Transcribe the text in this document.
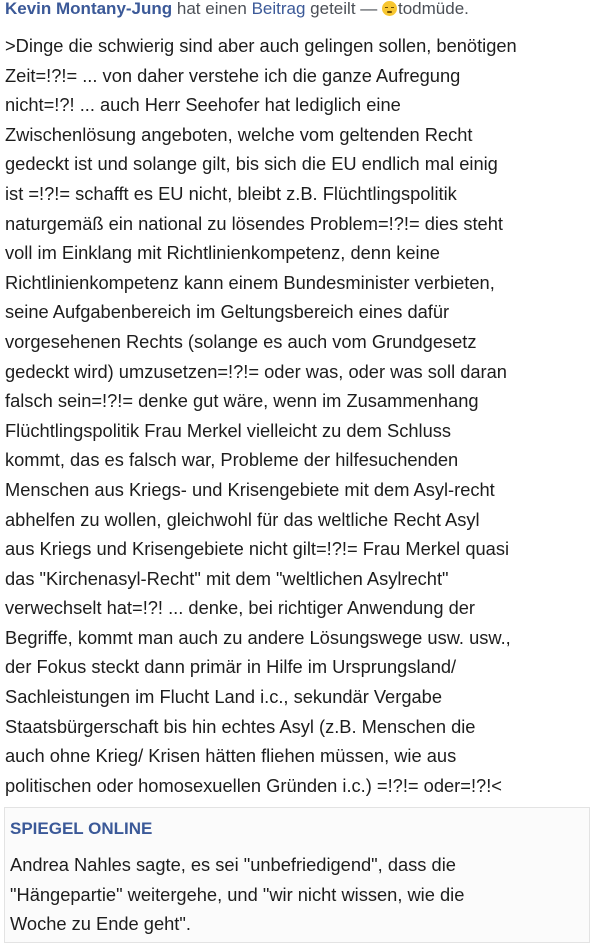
Kevin Montany-Jung hat einen Beitrag geteilt — todmüde.

>Dinge die schwierig sind aber auch gelingen sollen, benötigen
Zeit=!?!= ... von daher verstehe ich die ganze Aufregung
nicht=!?! ... auch Herr Seehofer hat lediglich eine
Zwischenlösung angeboten, welche vom geltenden Recht
gedeckt ist und solange gilt, bis sich die EU endlich mal einig
ist =!?!= schafft es EU nicht, bleibt z.B. Flüchtlingspolitik
naturgemäß ein national zu lösendes Problem=!?!= dies steht
voll im Einklang mit Richtlinienkompetenz, denn keine
Richtlinienkompetenz kann einem Bundesminister verbieten,
seine Aufgabenbereich im Geltungsbereich eines dafür
vorgesehenen Rechts (solange es auch vom Grundgesetz
gedeckt wird) umzusetzen=!?!= oder was, oder was soll daran
falsch sein=!?!= denke gut wäre, wenn im Zusammenhang
Flüchtlingspolitik Frau Merkel vielleicht zu dem Schluss
kommt, das es falsch war, Probleme der hilfesuchenden
Menschen aus Kriegs- und Krisengebiete mit dem Asyl-recht
abhelfen zu wollen, gleichwohl für das weltliche Recht Asyl
aus Kriegs und Krisengebiete nicht gilt=!?!= Frau Merkel quasi
das "Kirchenasyl-Recht" mit dem "weltlichen Asylrecht"
verwechselt hat=!?! ... denke, bei richtiger Anwendung der
Begriffe, kommt man auch zu andere Lösungswege usw. usw.,
der Fokus steckt dann primär in Hilfe im Ursprungsland/
Sachleistungen im Flucht Land i.c., sekundär Vergabe
Staatsbürgerschaft bis hin echtes Asyl (z.B. Menschen die
auch ohne Krieg/ Krisen hätten fliehen müssen, wie aus
politischen oder homosexuellen Gründen i.c.) =!?!= oder=!?!<

SPIEGEL ONLINE

Andrea Nahles sagte, es sei "unbefriedigend", dass die
"Hängepartie" weitergehe, und "wir nicht wissen, wie die
Woche zu Ende geht".
